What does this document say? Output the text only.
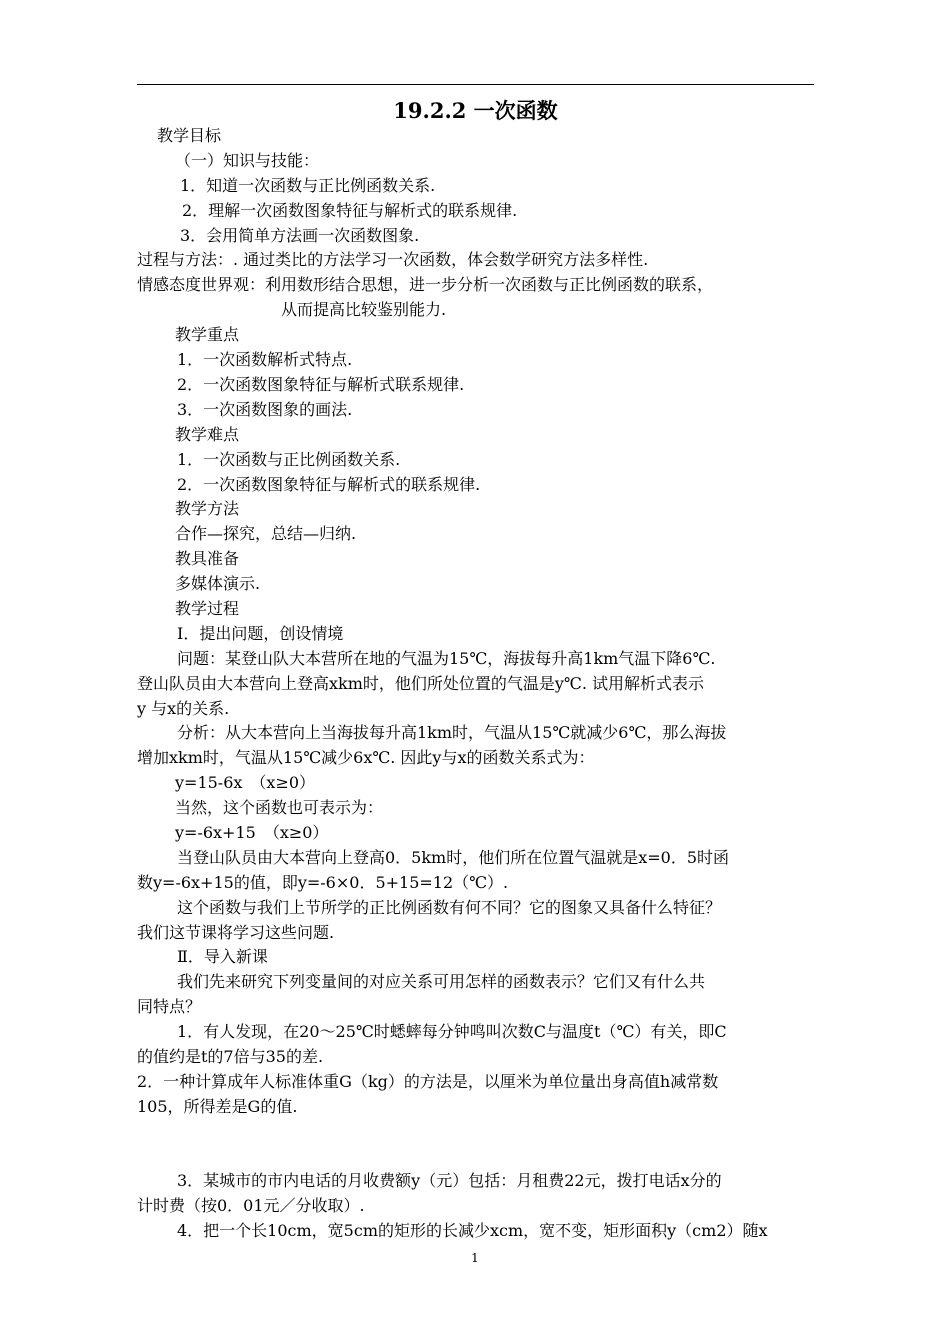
19.2.2 一次函数
教学目标
（一）知识与技能：
1．知道一次函数与正比例函数关系.
2．理解一次函数图象特征与解析式的联系规律.
3．会用简单方法画一次函数图象.
过程与方法：. 通过类比的方法学习一次函数，体会数学研究方法多样性.
情感态度世界观：利用数形结合思想，进一步分析一次函数与正比例函数的联系，
从而提高比较鉴别能力.
教学重点
1．一次函数解析式特点.
2．一次函数图象特征与解析式联系规律.
3．一次函数图象的画法.
教学难点
1．一次函数与正比例函数关系.
2．一次函数图象特征与解析式的联系规律.
教学方法
合作—探究，总结—归纳.
教具准备
多媒体演示.
教学过程
Ⅰ．提出问题，创设情境
问题：某登山队大本营所在地的气温为15℃，海拔每升高1km气温下降6℃.
登山队员由大本营向上登高xkm时，他们所处位置的气温是y℃. 试用解析式表示
y 与x的关系.
分析：从大本营向上当海拔每升高1km时，气温从15℃就减少6℃，那么海拔
增加xkm时，气温从15℃减少6x℃. 因此y与x的函数关系式为：
y=15-6x　（x≥0）
当然，这个函数也可表示为：
y=-6x+15　（x≥0）
当登山队员由大本营向上登高0．5km时，他们所在位置气温就是x=0．5时函
数y=-6x+15的值，即y=-6×0．5+15=12（℃）.
这个函数与我们上节所学的正比例函数有何不同？它的图象又具备什么特征？
我们这节课将学习这些问题.
Ⅱ．导入新课
我们先来研究下列变量间的对应关系可用怎样的函数表示？它们又有什么共
同特点？
1．有人发现，在20～25℃时蟋蟀每分钟鸣叫次数C与温度t（℃）有关，即C
的值约是t的7倍与35的差.
2．一种计算成年人标准体重G（kg）的方法是，以厘米为单位量出身高值h减常数
105，所得差是G的值.
3．某城市的市内电话的月收费额y（元）包括：月租费22元，拨打电话x分的
计时费（按0．01元／分收取）.
4．把一个长10cm，宽5cm的矩形的长减少xcm，宽不变，矩形面积y（cm2）随x
1
